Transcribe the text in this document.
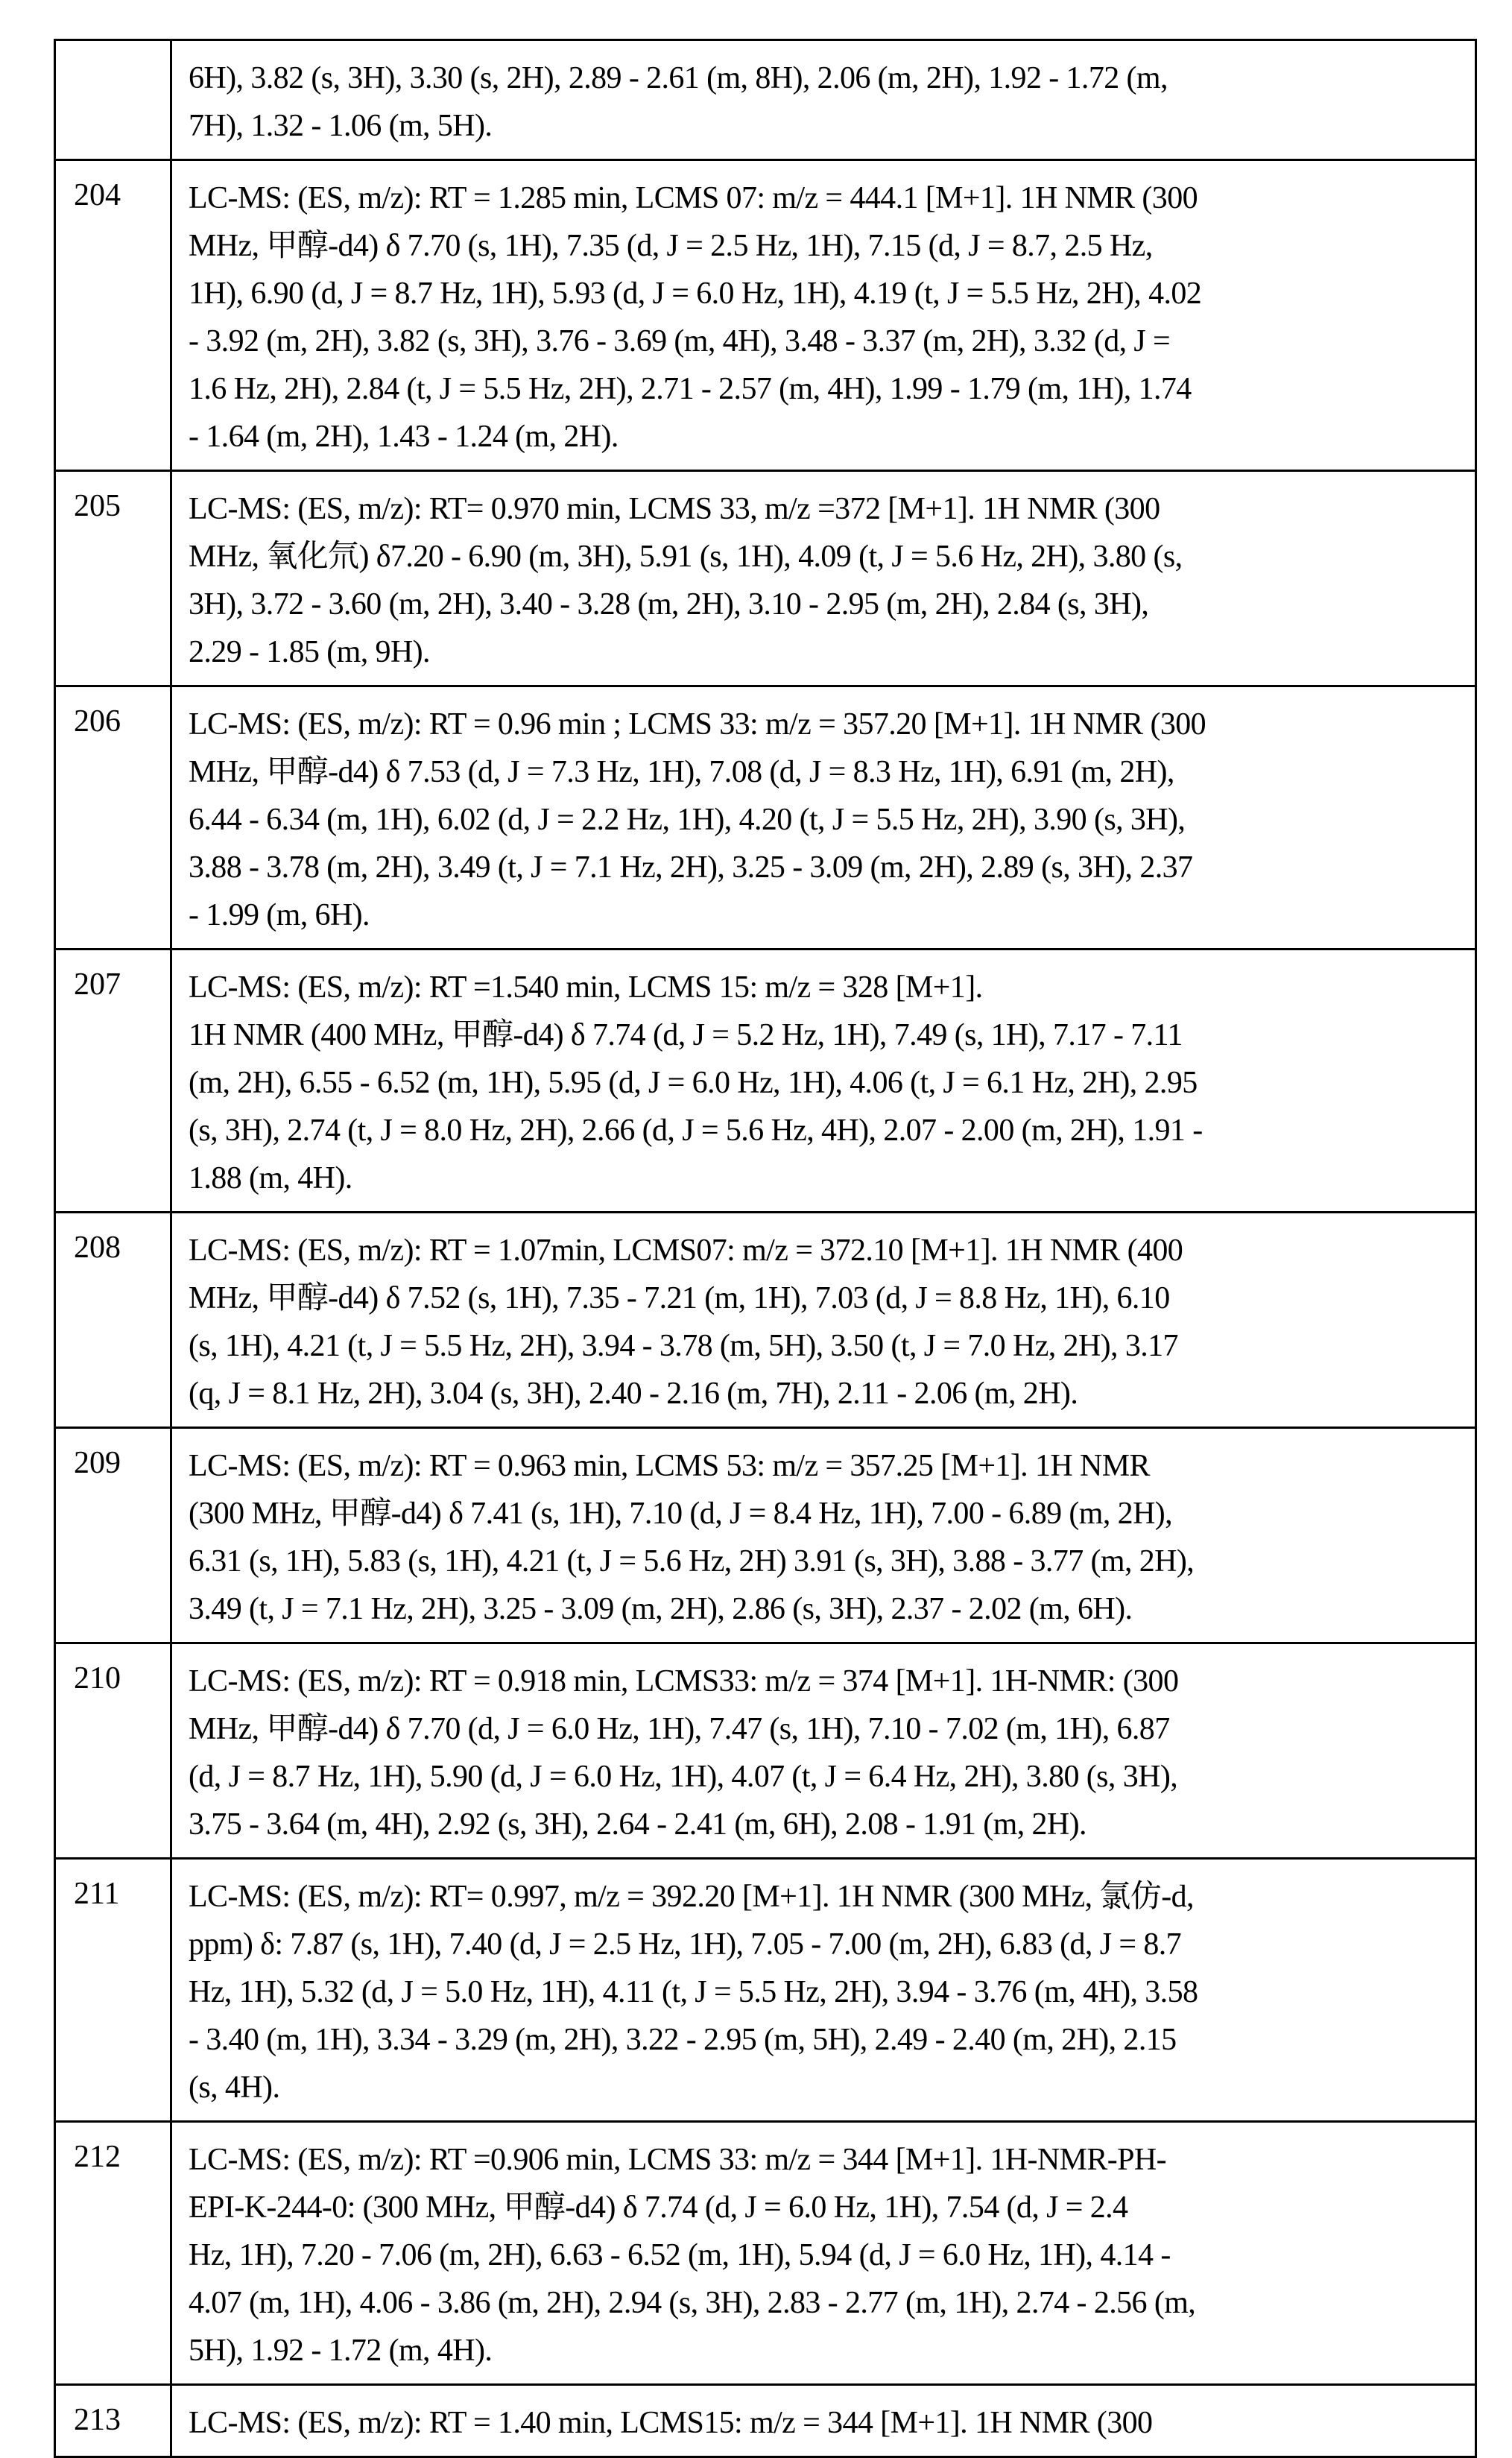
6H), 3.82 (s, 3H), 3.30 (s, 2H), 2.89 - 2.61 (m, 8H), 2.06 (m, 2H), 1.92 - 1.72 (m,
7H), 1.32 - 1.06 (m, 5H).

204	LC-MS: (ES, m/z): RT = 1.285 min, LCMS 07: m/z = 444.1 [M+1]. 1H NMR (300
MHz, 甲醇-d4) δ 7.70 (s, 1H), 7.35 (d, J = 2.5 Hz, 1H), 7.15 (d, J = 8.7, 2.5 Hz,
1H), 6.90 (d, J = 8.7 Hz, 1H), 5.93 (d, J = 6.0 Hz, 1H), 4.19 (t, J = 5.5 Hz, 2H), 4.02
- 3.92 (m, 2H), 3.82 (s, 3H), 3.76 - 3.69 (m, 4H), 3.48 - 3.37 (m, 2H), 3.32 (d, J =
1.6 Hz, 2H), 2.84 (t, J = 5.5 Hz, 2H), 2.71 - 2.57 (m, 4H), 1.99 - 1.79 (m, 1H), 1.74
- 1.64 (m, 2H), 1.43 - 1.24 (m, 2H).

205	LC-MS: (ES, m/z): RT= 0.970 min, LCMS 33, m/z =372 [M+1]. 1H NMR (300
MHz, 氧化氘) δ7.20 - 6.90 (m, 3H), 5.91 (s, 1H), 4.09 (t, J = 5.6 Hz, 2H), 3.80 (s,
3H), 3.72 - 3.60 (m, 2H), 3.40 - 3.28 (m, 2H), 3.10 - 2.95 (m, 2H), 2.84 (s, 3H),
2.29 - 1.85 (m, 9H).

206	LC-MS: (ES, m/z): RT = 0.96 min ; LCMS 33: m/z = 357.20 [M+1]. 1H NMR (300
MHz, 甲醇-d4) δ 7.53 (d, J = 7.3 Hz, 1H), 7.08 (d, J = 8.3 Hz, 1H), 6.91 (m, 2H),
6.44 - 6.34 (m, 1H), 6.02 (d, J = 2.2 Hz, 1H), 4.20 (t, J = 5.5 Hz, 2H), 3.90 (s, 3H),
3.88 - 3.78 (m, 2H), 3.49 (t, J = 7.1 Hz, 2H), 3.25 - 3.09 (m, 2H), 2.89 (s, 3H), 2.37
- 1.99 (m, 6H).

207	LC-MS: (ES, m/z): RT =1.540 min, LCMS 15: m/z = 328 [M+1].
1H NMR (400 MHz, 甲醇-d4) δ 7.74 (d, J = 5.2 Hz, 1H), 7.49 (s, 1H), 7.17 - 7.11
(m, 2H), 6.55 - 6.52 (m, 1H), 5.95 (d, J = 6.0 Hz, 1H), 4.06 (t, J = 6.1 Hz, 2H), 2.95
(s, 3H), 2.74 (t, J = 8.0 Hz, 2H), 2.66 (d, J = 5.6 Hz, 4H), 2.07 - 2.00 (m, 2H), 1.91 -
1.88 (m, 4H).

208	LC-MS: (ES, m/z): RT = 1.07min, LCMS07: m/z = 372.10 [M+1]. 1H NMR (400
MHz, 甲醇-d4) δ 7.52 (s, 1H), 7.35 - 7.21 (m, 1H), 7.03 (d, J = 8.8 Hz, 1H), 6.10
(s, 1H), 4.21 (t, J = 5.5 Hz, 2H), 3.94 - 3.78 (m, 5H), 3.50 (t, J = 7.0 Hz, 2H), 3.17
(q, J = 8.1 Hz, 2H), 3.04 (s, 3H), 2.40 - 2.16 (m, 7H), 2.11 - 2.06 (m, 2H).

209	LC-MS: (ES, m/z): RT = 0.963 min, LCMS 53: m/z = 357.25 [M+1]. 1H NMR
(300 MHz, 甲醇-d4) δ 7.41 (s, 1H), 7.10 (d, J = 8.4 Hz, 1H), 7.00 - 6.89 (m, 2H),
6.31 (s, 1H), 5.83 (s, 1H), 4.21 (t, J = 5.6 Hz, 2H) 3.91 (s, 3H), 3.88 - 3.77 (m, 2H),
3.49 (t, J = 7.1 Hz, 2H), 3.25 - 3.09 (m, 2H), 2.86 (s, 3H), 2.37 - 2.02 (m, 6H).

210	LC-MS: (ES, m/z): RT = 0.918 min, LCMS33: m/z = 374 [M+1]. 1H-NMR: (300
MHz, 甲醇-d4) δ 7.70 (d, J = 6.0 Hz, 1H), 7.47 (s, 1H), 7.10 - 7.02 (m, 1H), 6.87
(d, J = 8.7 Hz, 1H), 5.90 (d, J = 6.0 Hz, 1H), 4.07 (t, J = 6.4 Hz, 2H), 3.80 (s, 3H),
3.75 - 3.64 (m, 4H), 2.92 (s, 3H), 2.64 - 2.41 (m, 6H), 2.08 - 1.91 (m, 2H).

211	LC-MS: (ES, m/z): RT= 0.997, m/z = 392.20 [M+1]. 1H NMR (300 MHz, 氯仿-d,
ppm) δ: 7.87 (s, 1H), 7.40 (d, J = 2.5 Hz, 1H), 7.05 - 7.00 (m, 2H), 6.83 (d, J = 8.7
Hz, 1H), 5.32 (d, J = 5.0 Hz, 1H), 4.11 (t, J = 5.5 Hz, 2H), 3.94 - 3.76 (m, 4H), 3.58
- 3.40 (m, 1H), 3.34 - 3.29 (m, 2H), 3.22 - 2.95 (m, 5H), 2.49 - 2.40 (m, 2H), 2.15
(s, 4H).

212	LC-MS: (ES, m/z): RT =0.906 min, LCMS 33: m/z = 344 [M+1]. 1H-NMR-PH-
EPI-K-244-0: (300 MHz, 甲醇-d4) δ 7.74 (d, J = 6.0 Hz, 1H), 7.54 (d, J = 2.4
Hz, 1H), 7.20 - 7.06 (m, 2H), 6.63 - 6.52 (m, 1H), 5.94 (d, J = 6.0 Hz, 1H), 4.14 -
4.07 (m, 1H), 4.06 - 3.86 (m, 2H), 2.94 (s, 3H), 2.83 - 2.77 (m, 1H), 2.74 - 2.56 (m,
5H), 1.92 - 1.72 (m, 4H).

213	LC-MS: (ES, m/z): RT = 1.40 min, LCMS15: m/z = 344 [M+1]. 1H NMR (300
